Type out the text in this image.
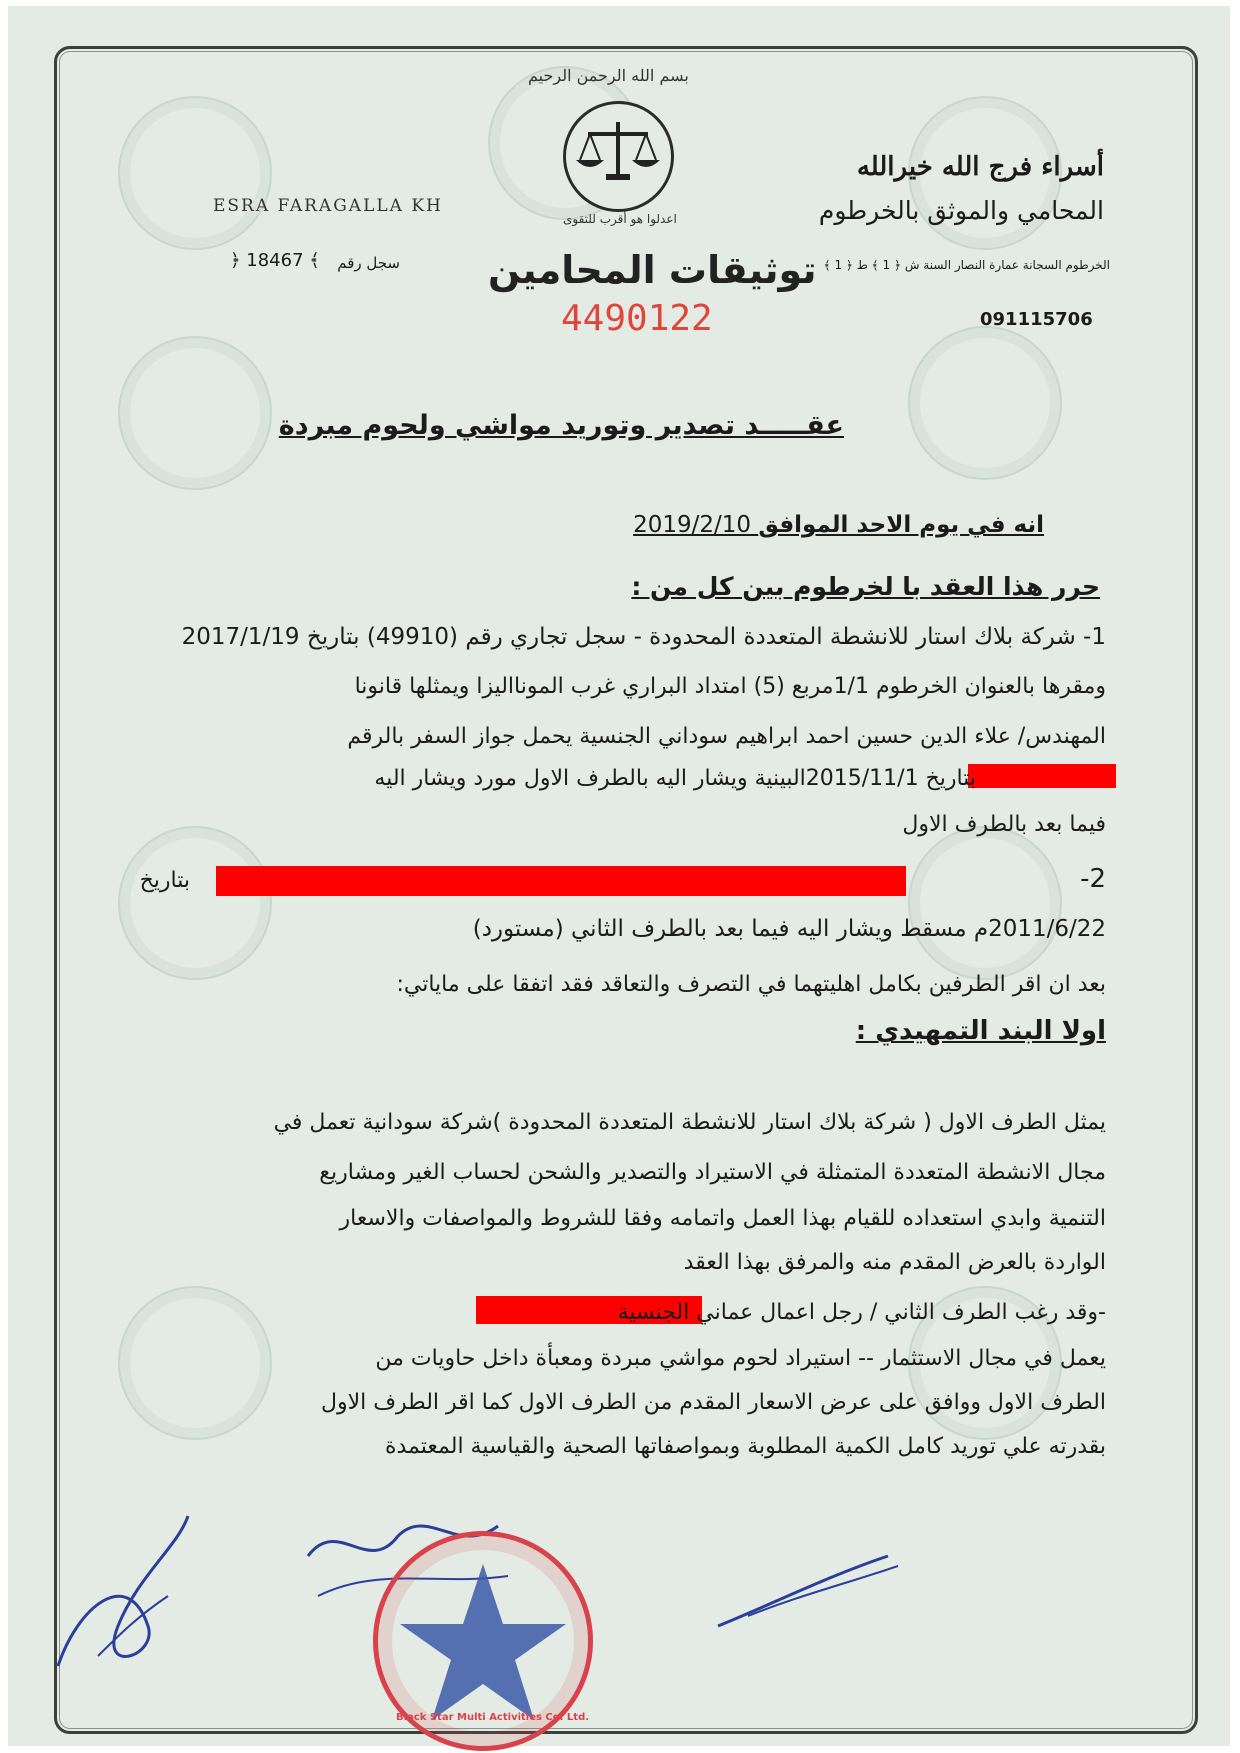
بسم الله الرحمن الرحيم
اعدلوا هو أقرب للتقوى
أسراء فرج الله خيرالله
المحامي والموثق بالخرطوم
الخرطوم السجانة عمارة النصار السنة ش ﴿ 1 ﴾ ط ﴿ 1 ﴾
091115706
ESRA FARAGALLA KH
سجل رقم
﴿ 18467 ﴾	توثيقات المحامين
4490122
عقـــــد تصدير وتوريد مواشي ولحوم مبردة
انه في يوم الاحد الموافق 2019/2/10
حرر هذا العقد با لخرطوم بين كل من :
1- شركة بلاك استار للانشطة المتعددة المحدودة - سجل تجاري رقم (49910) بتاريخ 2017/1/19
ومقرها بالعنوان الخرطوم 1/1مربع (5) امتداد البراري غرب المونااليزا ويمثلها قانونا
المهندس/ علاء الدين حسين احمد ابراهيم سوداني الجنسية يحمل جواز السفر بالرقم
بتاريخ 2015/11/1البينية ويشار اليه بالطرف الاول مورد ويشار اليه
فيما بعد بالطرف الاول
2-
بتاريخ
2011/6/22م مسقط ويشار اليه فيما بعد بالطرف الثاني (مستورد)
بعد ان اقر الطرفين بكامل اهليتهما في التصرف والتعاقد فقد اتفقا على ماياتي:
اولا البند التمهيدي :
يمثل الطرف الاول ( شركة بلاك استار للانشطة المتعددة المحدودة )شركة سودانية تعمل في
مجال الانشطة المتعددة المتمثلة في الاستيراد والتصدير والشحن لحساب الغير ومشاريع
التنمية وابدي استعداده للقيام بهذا العمل واتمامه وفقا للشروط والمواصفات والاسعار
الواردة بالعرض المقدم منه والمرفق بهذا العقد
-وقد رغب الطرف الثاني / رجل اعمال عماني الجنسية
يعمل في مجال الاستثمار -- استيراد لحوم مواشي مبردة ومعبأة داخل حاويات من
الطرف الاول ووافق على عرض الاسعار المقدم من الطرف الاول كما اقر الطرف الاول
بقدرته علي توريد كامل الكمية المطلوبة وبمواصفاتها الصحية والقياسية المعتمدة
Black Star Multi Activities Co. Ltd.
